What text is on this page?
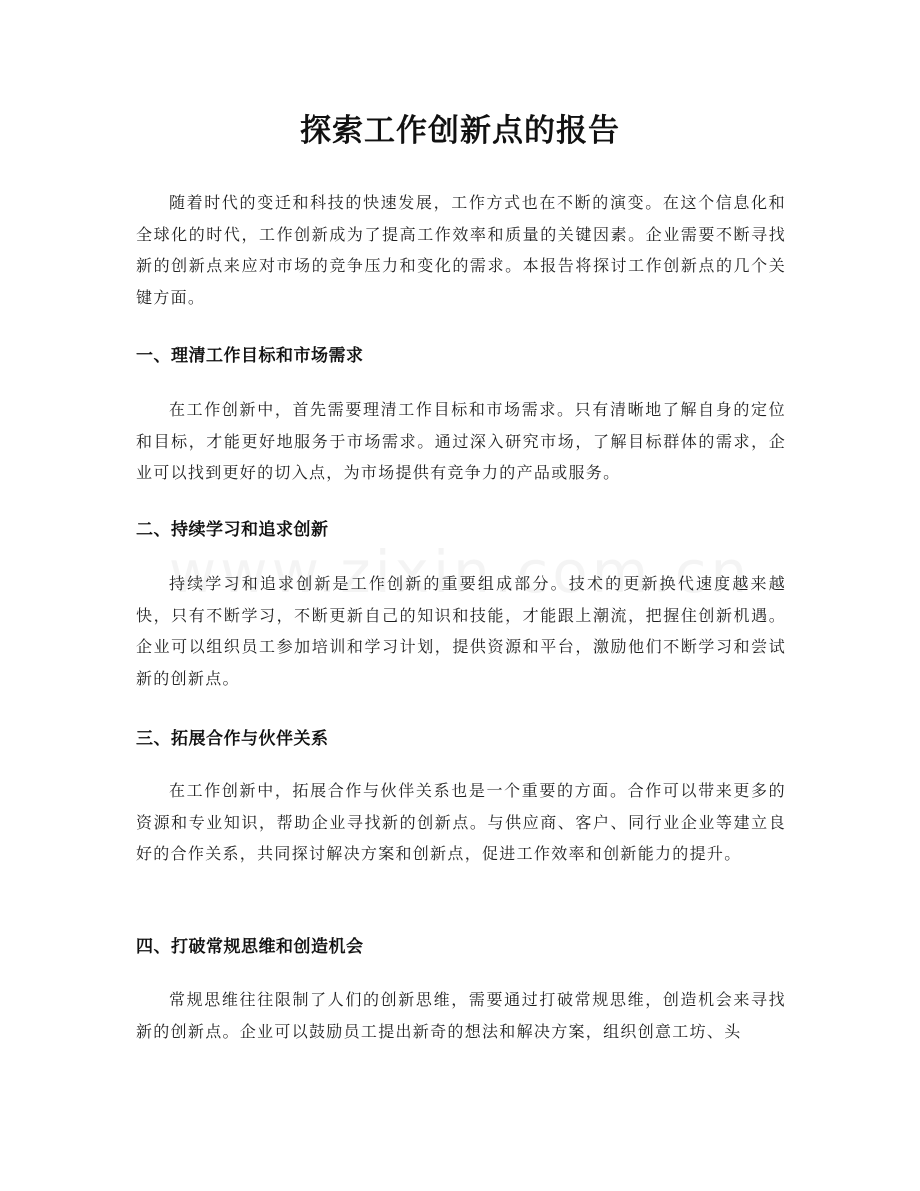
探索工作创新点的报告

随着时代的变迁和科技的快速发展，工作方式也在不断的演变。在这个信息化和全球化的时代，工作创新成为了提高工作效率和质量的关键因素。企业需要不断寻找新的创新点来应对市场的竞争压力和变化的需求。本报告将探讨工作创新点的几个关键方面。

一、理清工作目标和市场需求

在工作创新中，首先需要理清工作目标和市场需求。只有清晰地了解自身的定位和目标，才能更好地服务于市场需求。通过深入研究市场，了解目标群体的需求，企业可以找到更好的切入点，为市场提供有竞争力的产品或服务。

二、持续学习和追求创新

持续学习和追求创新是工作创新的重要组成部分。技术的更新换代速度越来越快，只有不断学习，不断更新自己的知识和技能，才能跟上潮流，把握住创新机遇。企业可以组织员工参加培训和学习计划，提供资源和平台，激励他们不断学习和尝试新的创新点。

三、拓展合作与伙伴关系

在工作创新中，拓展合作与伙伴关系也是一个重要的方面。合作可以带来更多的资源和专业知识，帮助企业寻找新的创新点。与供应商、客户、同行业企业等建立良好的合作关系，共同探讨解决方案和创新点，促进工作效率和创新能力的提升。

四、打破常规思维和创造机会

常规思维往往限制了人们的创新思维，需要通过打破常规思维，创造机会来寻找新的创新点。企业可以鼓励员工提出新奇的想法和解决方案，组织创意工坊、头
